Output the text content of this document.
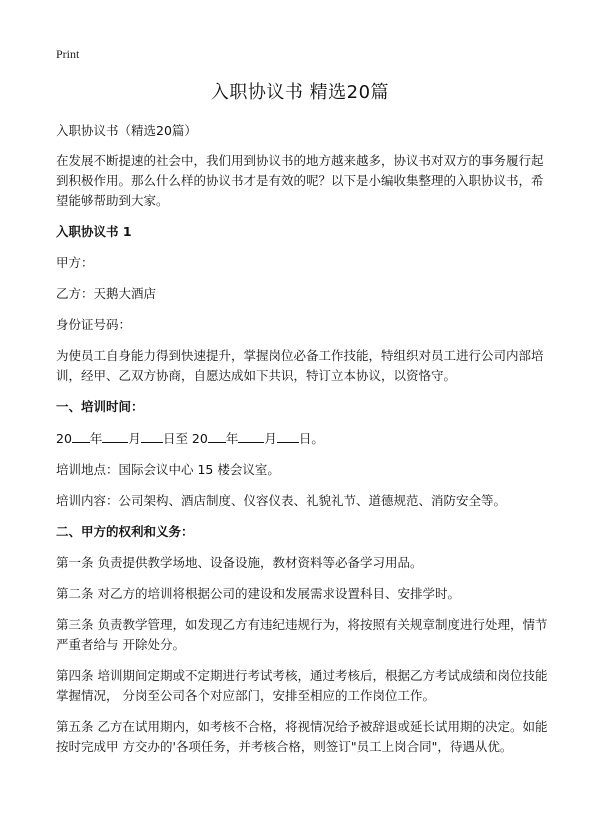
Print
入职协议书 精选20篇

入职协议书（精选20篇）

在发展不断提速的社会中，我们用到协议书的地方越来越多，协议书对双方的事务履行起到积极作用。那么什么样的协议书才是有效的呢？以下是小编收集整理的入职协议书，希望能够帮助到大家。

入职协议书 1

甲方：

乙方：天鹅大酒店

身份证号码：

为使员工自身能力得到快速提升，掌握岗位必备工作技能，特组织对员工进行公司内部培训，经甲、乙双方协商，自愿达成如下共识，特订立本协议，以资恪守。

一、培训时间：

20 年 月 日至 20 年 月 日。

培训地点：国际会议中心 15 楼会议室。

培训内容：公司架构、酒店制度、仪容仪表、礼貌礼节、道德规范、消防安全等。

二、甲方的权利和义务：

第一条 负责提供教学场地、设备设施，教材资料等必备学习用品。

第二条 对乙方的培训将根据公司的建设和发展需求设置科目、安排学时。

第三条 负责教学管理，如发现乙方有违纪违规行为，将按照有关规章制度进行处理，情节严重者给与 开除处分。

第四条 培训期间定期或不定期进行考试考核，通过考核后，根据乙方考试成绩和岗位技能掌握情况， 分岗至公司各个对应部门，安排至相应的工作岗位工作。

第五条 乙方在试用期内，如考核不合格，将视情况给予被辞退或延长试用期的决定。如能按时完成甲 方交办的'各项任务，并考核合格，则签订"员工上岗合同"，待遇从优。
